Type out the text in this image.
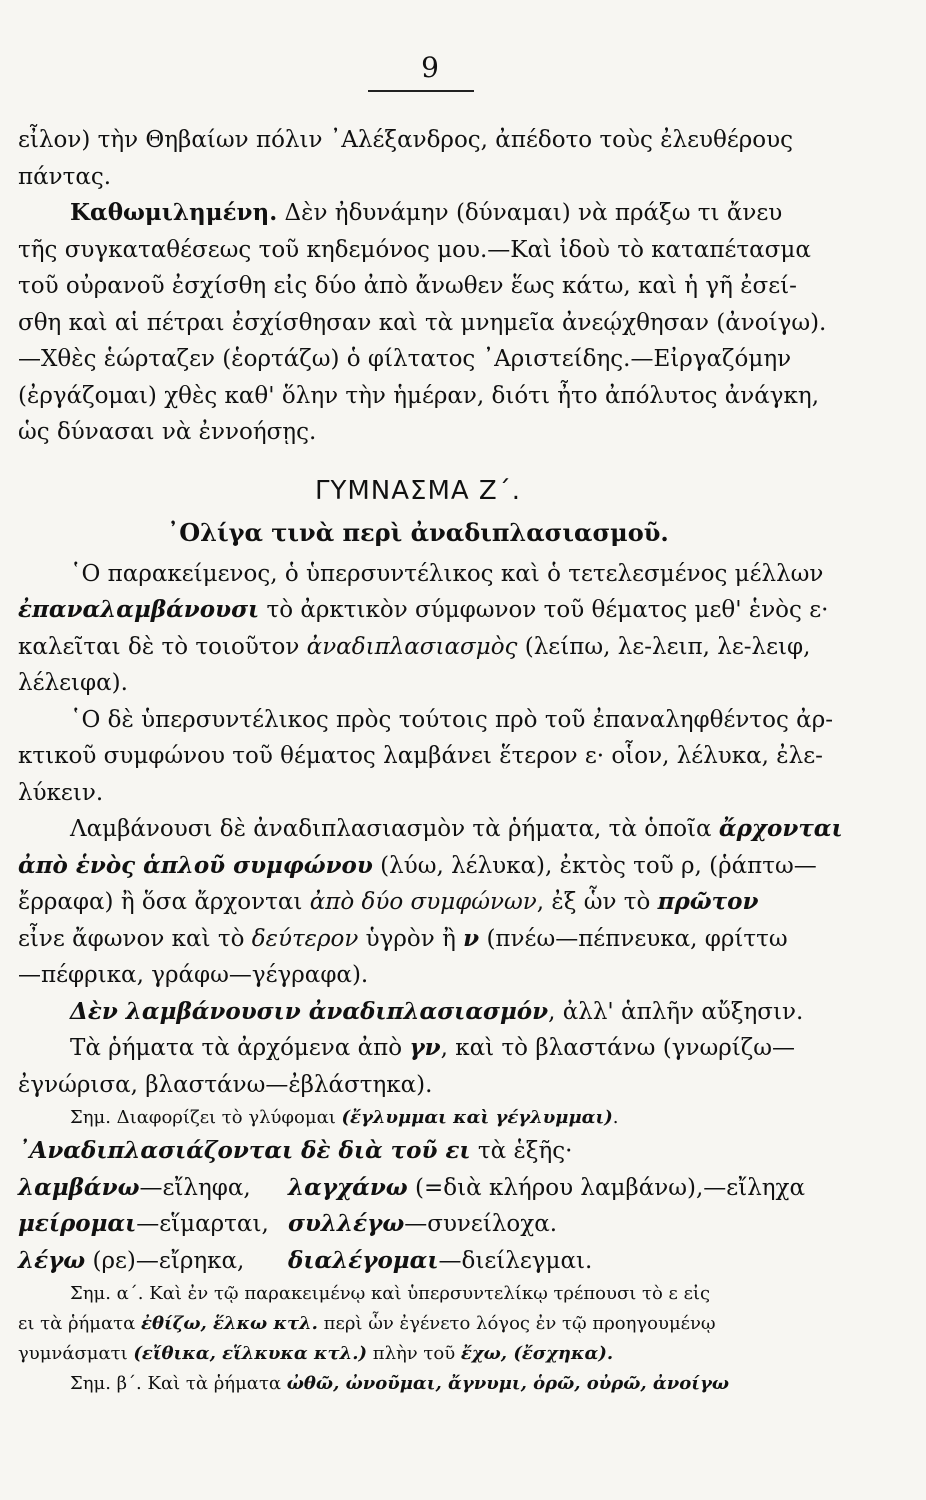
9
εἶλον) τὴν Θηβαίων πόλιν ᾿Αλέξανδρος, ἀπέδοτο τοὺς ἐλευθέρους
πάντας.
Καθωμιλημένη. Δὲν ἠδυνάμην (δύναμαι) νὰ πράξω τι ἄνευ
τῆς συγκαταθέσεως τοῦ κηδεμόνος μου.—Καὶ ἰδοὺ τὸ καταπέτασμα
τοῦ οὐρανοῦ ἐσχίσθη εἰς δύο ἀπὸ ἄνωθεν ἕως κάτω, καὶ ἡ γῆ ἐσεί-
σθη καὶ αἱ πέτραι ἐσχίσθησαν καὶ τὰ μνημεῖα ἀνεῴχθησαν (ἀνοίγω).
—Χθὲς ἑώρταζεν (ἑορτάζω) ὁ φίλτατος ᾿Αριστείδης.—Εἰργαζόμην
(ἐργάζομαι) χθὲς καθ' ὅλην τὴν ἡμέραν, διότι ἦτο ἀπόλυτος ἀνάγκη,
ὡς δύνασαι νὰ ἐννοήσῃς.
ΓΥΜΝΑΣΜΑ Ζ΄.
᾿Ολίγα τινὰ περὶ ἀναδιπλασιασμοῦ.
῾Ο παρακείμενος, ὁ ὑπερσυντέλικος καὶ ὁ τετελεσμένος μέλλων
ἐπαναλαμβάνουσι τὸ ἀρκτικὸν σύμφωνον τοῦ θέματος μεθ' ἑνὸς ε·
καλεῖται δὲ τὸ τοιοῦτον ἀναδιπλασιασμὸς (λείπω, λε-λειπ, λε-λειφ,
λέλειφα).
῾Ο δὲ ὑπερσυντέλικος πρὸς τούτοις πρὸ τοῦ ἐπαναληφθέντος ἀρ-
κτικοῦ συμφώνου τοῦ θέματος λαμβάνει ἕτερον ε· οἷον, λέλυκα, ἐλε-
λύκειν.
Λαμβάνουσι δὲ ἀναδιπλασιασμὸν τὰ ῥήματα, τὰ ὁποῖα ἄρχονται
ἀπὸ ἑνὸς ἁπλοῦ συμφώνου (λύω, λέλυκα), ἐκτὸς τοῦ ρ, (ῥάπτω—
ἔρραφα) ἢ ὅσα ἄρχονται ἀπὸ δύο συμφώνων, ἐξ ὧν τὸ πρῶτον
εἶνε ἄφωνον καὶ τὸ δεύτερον ὑγρὸν ἢ ν (πνέω—πέπνευκα, φρίττω
—πέφρικα, γράφω—γέγραφα).
Δὲν λαμβάνουσιν ἀναδιπλασιασμόν, ἀλλ' ἁπλῆν αὔξησιν.
Τὰ ῥήματα τὰ ἀρχόμενα ἀπὸ γν, καὶ τὸ βλαστάνω (γνωρίζω—
ἐγνώρισα, βλαστάνω—ἐβλάστηκα).
Σημ. Διαφορίζει τὸ γλύφομαι (ἔγλυμμαι καὶ γέγλυμμαι).
᾿Αναδιπλασιάζονται δὲ διὰ τοῦ ει τὰ ἑξῆς·
λαμβάνω—εἴληφα,	λαγχάνω (=διὰ κλήρου λαμβάνω),—εἴληχα
μείρομαι—εἵμαρται, συλλέγω—συνείλοχα.
λέγω (ρε)—εἴρηκα,	διαλέγομαι—διείλεγμαι.
Σημ. α΄. Καὶ ἐν τῷ παρακειμένῳ καὶ ὑπερσυντελίκῳ τρέπουσι τὸ ε εἰς
ει τὰ ῥήματα ἐθίζω, ἕλκω κτλ. περὶ ὧν ἐγένετο λόγος ἐν τῷ προηγουμένῳ
γυμνάσματι (εἴθικα, εἵλκυκα κτλ.) πλὴν τοῦ ἔχω, (ἔσχηκα).
Σημ. β΄. Καὶ τὰ ῥήματα ὠθῶ, ὠνοῦμαι, ἄγνυμι, ὁρῶ, οὐρῶ, ἀνοίγω
